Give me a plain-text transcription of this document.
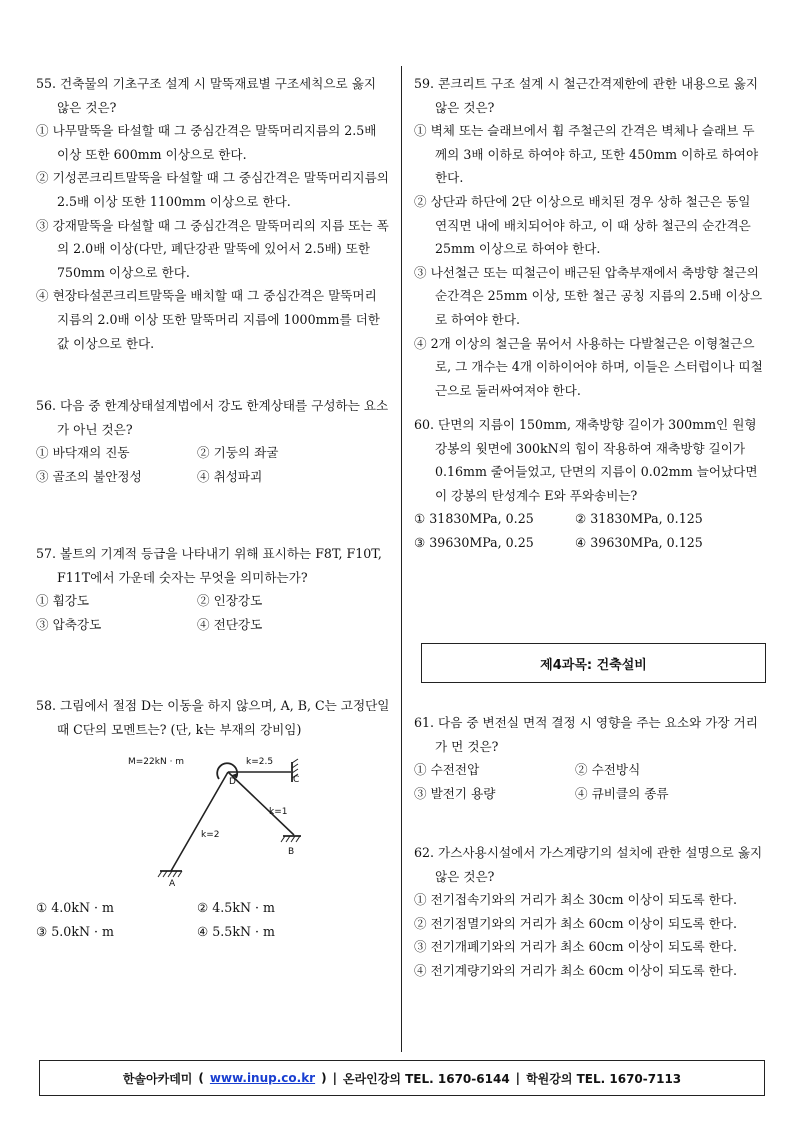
55. 건축물의 기초구조 설계 시 말뚝재료별 구조세칙으로 옳지 않은 것은?

① 나무말뚝을 타설할 때 그 중심간격은 말뚝머리지름의 2.5배 이상 또한 600mm 이상으로 한다.

② 기성콘크리트말뚝을 타설할 때 그 중심간격은 말뚝머리지름의 2.5배 이상 또한 1100mm 이상으로 한다.

③ 강재말뚝을 타설할 때 그 중심간격은 말뚝머리의 지름 또는 폭의 2.0배 이상(다만, 폐단강관 말뚝에 있어서 2.5배) 또한 750mm 이상으로 한다.

④ 현장타설콘크리트말뚝을 배치할 때 그 중심간격은 말뚝머리 지름의 2.0배 이상 또한 말뚝머리 지름에 1000mm를 더한 값 이상으로 한다.

56. 다음 중 한계상태설계법에서 강도 한계상태를 구성하는 요소가 아닌 것은?

① 바닥재의 진동	② 기둥의 좌굴
③ 골조의 불안정성	④ 취성파괴

57. 볼트의 기계적 등급을 나타내기 위해 표시하는 F8T, F10T, F11T에서 가운데 숫자는 무엇을 의미하는가?

① 휨강도	② 인장강도
③ 압축강도	④ 전단강도

58. 그림에서 절점 D는 이동을 하지 않으며, A, B, C는 고정단일 때 C단의 모멘트는? (단, k는 부재의 강비임)

M=22kN · m	k=2.5
C
D
k=1
k=2
A
B
① 4.0kN · m	② 4.5kN · m
③ 5.0kN · m	④ 5.5kN · m

59. 콘크리트 구조 설계 시 철근간격제한에 관한 내용으로 옳지 않은 것은?

① 벽체 또는 슬래브에서 휨 주철근의 간격은 벽체나 슬래브 두께의 3배 이하로 하여야 하고, 또한 450mm 이하로 하여야 한다.

② 상단과 하단에 2단 이상으로 배치된 경우 상하 철근은 동일 연직면 내에 배치되어야 하고, 이 때 상하 철근의 순간격은 25mm 이상으로 하여야 한다.

③ 나선철근 또는 띠철근이 배근된 압축부재에서 축방향 철근의 순간격은 25mm 이상, 또한 철근 공칭 지름의 2.5배 이상으로 하여야 한다.

④ 2개 이상의 철근을 묶어서 사용하는 다발철근은 이형철근으로, 그 개수는 4개 이하이어야 하며, 이들은 스터럽이나 띠철근으로 둘러싸여져야 한다.

60. 단면의 지름이 150mm, 재축방향 길이가 300mm인 원형 강봉의 윗면에 300kN의 힘이 작용하여 재축방향 길이가 0.16mm 줄어들었고, 단면의 지름이 0.02mm 늘어났다면 이 강봉의 탄성계수 E와 푸와송비는?

① 31830MPa, 0.25	② 31830MPa, 0.125
③ 39630MPa, 0.25	④ 39630MPa, 0.125

61. 다음 중 변전실 면적 결정 시 영향을 주는 요소와 가장 거리가 먼 것은?

① 수전전압	② 수전방식
③ 발전기 용량	④ 큐비클의 종류

62. 가스사용시설에서 가스계량기의 설치에 관한 설명으로 옳지 않은 것은?

① 전기접속기와의 거리가 최소 30cm 이상이 되도록 한다.

② 전기점멸기와의 거리가 최소 60cm 이상이 되도록 한다.

③ 전기개폐기와의 거리가 최소 60cm 이상이 되도록 한다.

④ 전기계량기와의 거리가 최소 60cm 이상이 되도록 한다.

제4과목: 건축설비
한솔아카데미 ( www.inup.co.kr ) | 온라인강의 TEL. 1670-6144 | 학원강의 TEL. 1670-7113
